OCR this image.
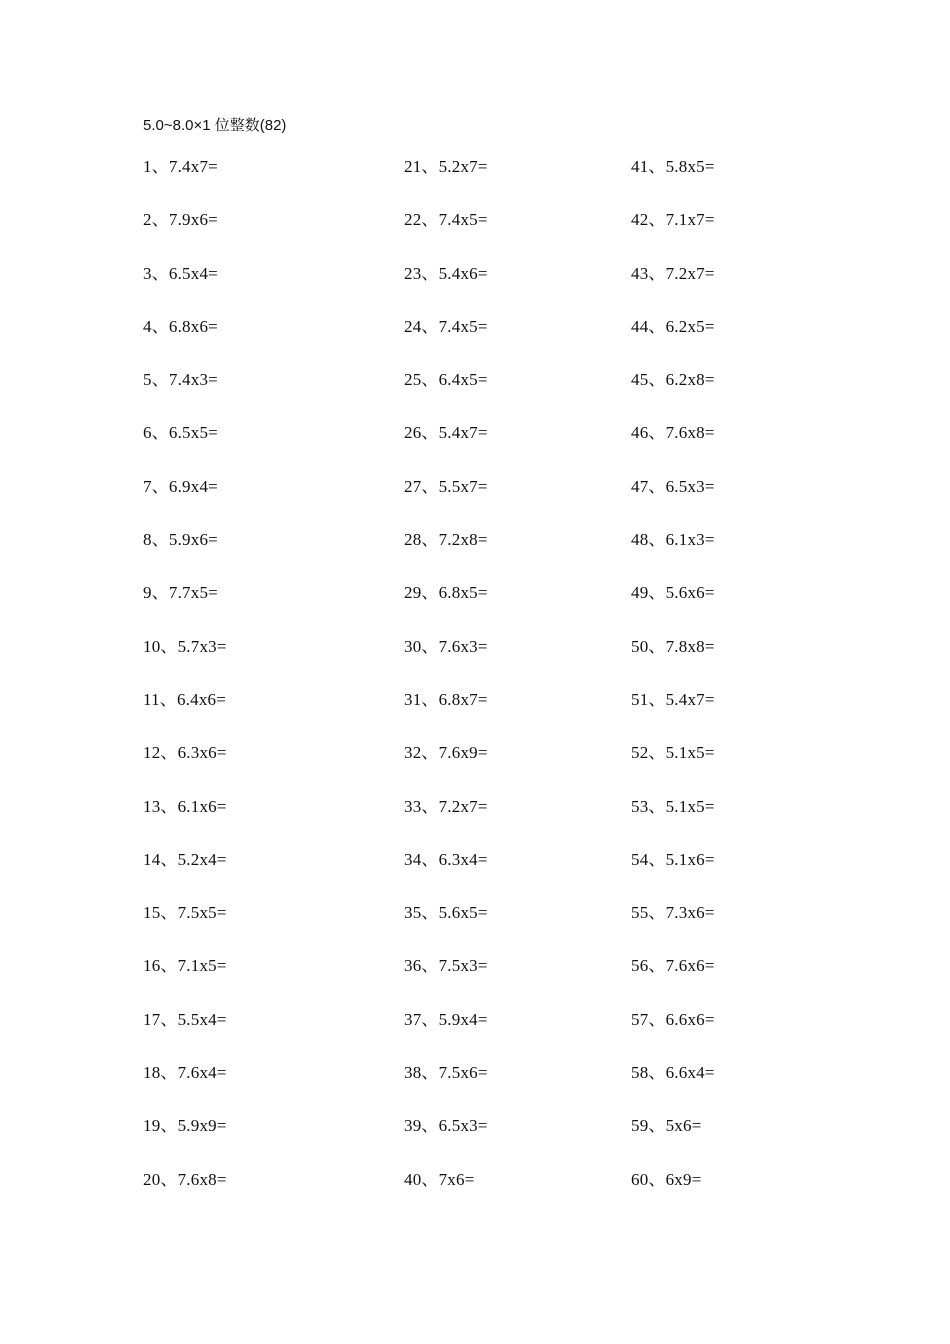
5.0~8.0×1 位整数(82)
1、7.4x7=
2、7.9x6=
3、6.5x4=
4、6.8x6=
5、7.4x3=
6、6.5x5=
7、6.9x4=
8、5.9x6=
9、7.7x5=
10、5.7x3=
11、6.4x6=
12、6.3x6=
13、6.1x6=
14、5.2x4=
15、7.5x5=
16、7.1x5=
17、5.5x4=
18、7.6x4=
19、5.9x9=
20、7.6x8=
21、5.2x7=
22、7.4x5=
23、5.4x6=
24、7.4x5=
25、6.4x5=
26、5.4x7=
27、5.5x7=
28、7.2x8=
29、6.8x5=
30、7.6x3=
31、6.8x7=
32、7.6x9=
33、7.2x7=
34、6.3x4=
35、5.6x5=
36、7.5x3=
37、5.9x4=
38、7.5x6=
39、6.5x3=
40、7x6=
41、5.8x5=
42、7.1x7=
43、7.2x7=
44、6.2x5=
45、6.2x8=
46、7.6x8=
47、6.5x3=
48、6.1x3=
49、5.6x6=
50、7.8x8=
51、5.4x7=
52、5.1x5=
53、5.1x5=
54、5.1x6=
55、7.3x6=
56、7.6x6=
57、6.6x6=
58、6.6x4=
59、5x6=
60、6x9=
